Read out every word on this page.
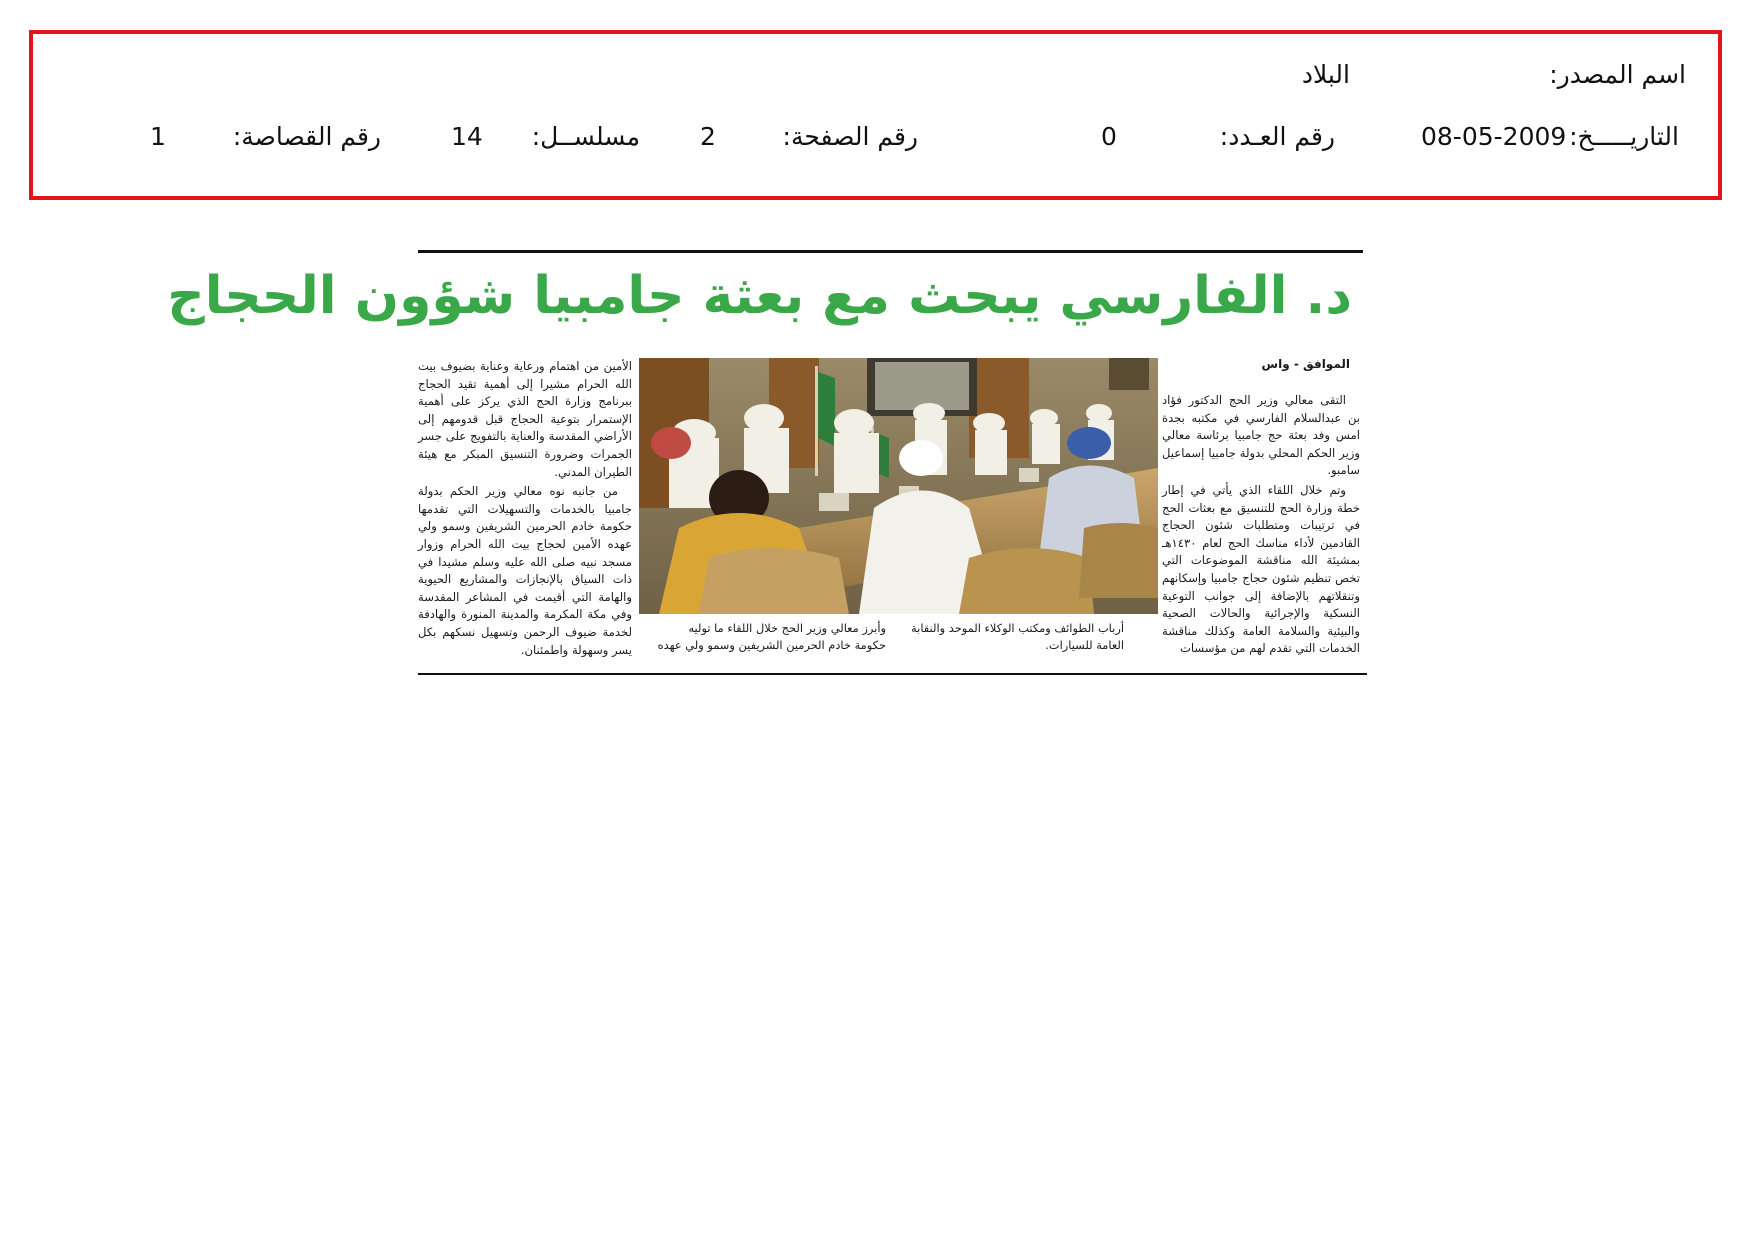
اسم المصدر:
البلاد
التاريـــــخ:
08-05-2009
رقم العـدد:
0
رقم الصفحة:
2
مسلســل:
14
رقم القصاصة:
1
د. الفارسي يبحث مع بعثة جامبيا شؤون الحجاج
الموافق - واس

التقى معالي وزير الحج الدكتور فؤاد بن عبدالسلام الفارسي في مكتبه بجدة امس وفد بعثة حج جامبيا برئاسة معالي وزير الحكم المحلي بدولة جامبيا إسماعيل سامبو.

وتم خلال اللقاء الذي يأتي في إطار خطة وزارة الحج للتنسيق مع بعثات الحج في ترتيبات ومتطلبات شئون الحجاج القادمين لأداء مناسك الحج لعام ١٤٣٠هـ بمشيئة الله مناقشة الموضوعات التي تخص تنظيم شئون حجاج جامبيا وإسكانهم وتنقلاتهم بالإضافة إلى جوانب التوعية النسكية والإجرائية والحالات الصحية والبيئية والسلامة العامة وكذلك مناقشة الخدمات التي تقدم لهم من مؤسسات

أرباب الطوائف ومكتب الوكلاء الموحد والنقابة العامة للسيارات.
وأبرز معالي وزير الحج خلال اللقاء ما توليه حكومة خادم الحرمين الشريفين وسمو ولي عهده

الأمين من اهتمام ورعاية وعناية بضيوف بيت الله الحرام مشيرا إلى أهمية تقيد الحجاج ببرنامج وزارة الحج الذي يركز على أهمية الإستمرار بتوعية الحجاج قبل قدومهم إلى الأراضي المقدسة والعناية بالتفويج على جسر الجمرات وضرورة التنسيق المبكر مع هيئة الطيران المدني.

من جانبه نوه معالي وزير الحكم بدولة جامبيا بالخدمات والتسهيلات التي تقدمها حكومة خادم الحرمين الشريفين وسمو ولي عهده الأمين لحجاج بيت الله الحرام وزوار مسجد نبيه صلى الله عليه وسلم مشيدا في ذات السياق بالإنجازات والمشاريع الحيوية والهامة التي أقيمت في المشاعر المقدسة وفي مكة المكرمة والمدينة المنورة والهادفة لخدمة ضيوف الرحمن وتسهيل نسكهم بكل يسر وسهولة واطمئنان.
